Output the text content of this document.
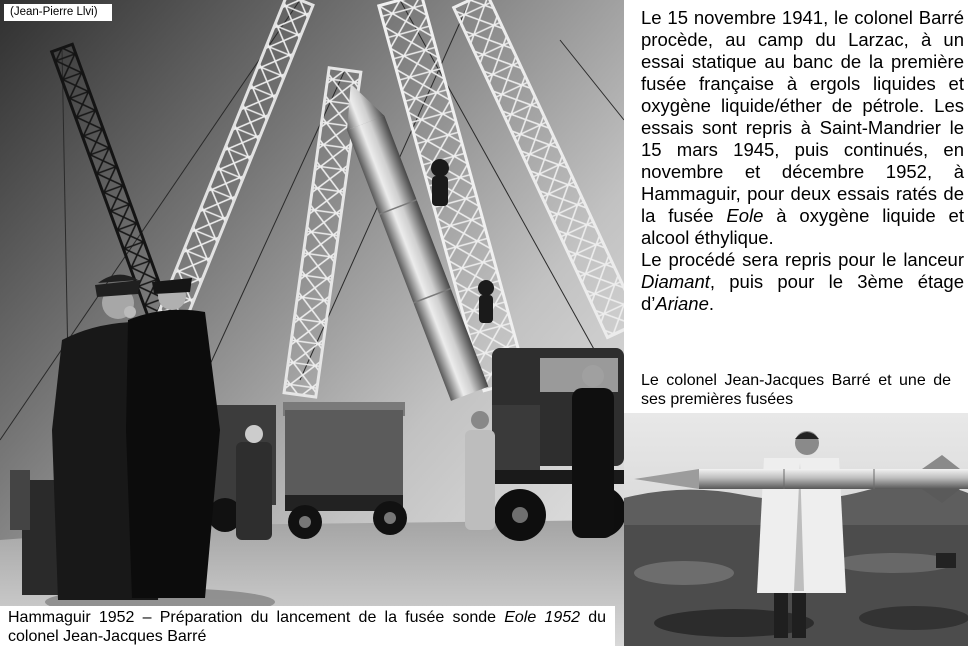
(Jean-Pierre Llvi)
Hammaguir 1952 – Préparation du lancement de la fusée sonde Eole 1952 du colonel Jean-Jacques Barré

Le 15 novembre 1941, le colonel Barré procède, au camp du Larzac, à un essai statique au banc de la première fusée française à ergols liquides et oxygène liquide/éther de pétrole. Les essais sont repris à Saint-Mandrier le 15 mars 1945, puis continués, en novembre et décembre 1952, à Hammaguir, pour deux essais ratés de la fusée Eole à oxygène liquide et alcool éthylique.

Le procédé sera repris pour le lanceur Diamant, puis pour le 3ème étage d’Ariane.

Le colonel Jean-Jacques Barré et une de ses premières fusées
